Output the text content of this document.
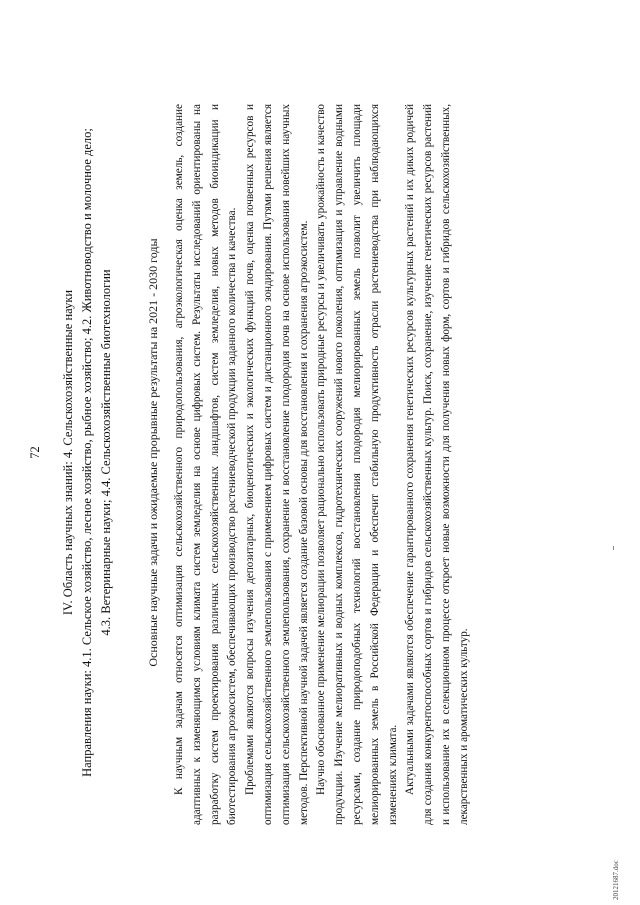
72 IV. Область научных знаний: 4. Сельскохозяйственные науки Направления науки: 4.1. Сельское хозяйство, лесное хозяйство, рыбное хозяйство; 4.2. Животноводство и молочное дело; 4.3. Ветеринарные науки; 4.4. Сельскохозяйственные биотехнологии	Основные научные задачи и ожидаемые прорывные результаты на 2021 - 2030 годы К научным задачам относятся оптимизация сельскохозяйственного природопользования, агроэкологическая оценка земель, создание адаптивных к изменяющимся условиям климата систем земледелия на основе цифровых систем. Результаты исследований ориентированы на разработку систем проектирования различных сельскохозяйственных ландшафтов, систем земледелия, новых методов биоиндикации и биотестирования агроэкосистем, обеспечивающих производство растениеводческой продукции заданного количества и качества. Проблемами являются вопросы изучения депозитарных, биоценотических и экологических функций почв, оценка почвенных ресурсов и оптимизация сельскохозяйственного землепользования с применением цифровых систем и дистанционного зондирования. Путями решения является оптимизация сельскохозяйственного землепользования, сохранение и восстановление плодородия почв на основе использования новейших научных методов. Перспективной научной задачей является создание базовой основы для восстановления и сохранения агроэкосистем. Научно обоснованное применение мелиорации позволяет рационально использовать природные ресурсы и увеличивать урожайность и качество продукции. Изучение мелиоративных и водных комплексов, гидротехнических сооружений нового поколения, оптимизация и управление водными ресурсами, создание природоподобных технологий восстановления плодородия мелиорированных земель позволит увеличить площади мелиорированных земель в Российской Федерации и обеспечит стабильную продуктивность отрасли растениеводства при наблюдающихся изменениях климата. Актуальными задачами являются обеспечение гарантированного сохранения генетических ресурсов культурных растений и их диких родичей для создания конкурентоспособных сортов и гибридов сельскохозяйственных культур. Поиск, сохранение, изучение генетических ресурсов растений и использование их в селекционном процессе откроет новые возможности для получения новых форм, сортов и гибридов сельскохозяйственных, лекарственных и ароматических культур.

20121687.doc
